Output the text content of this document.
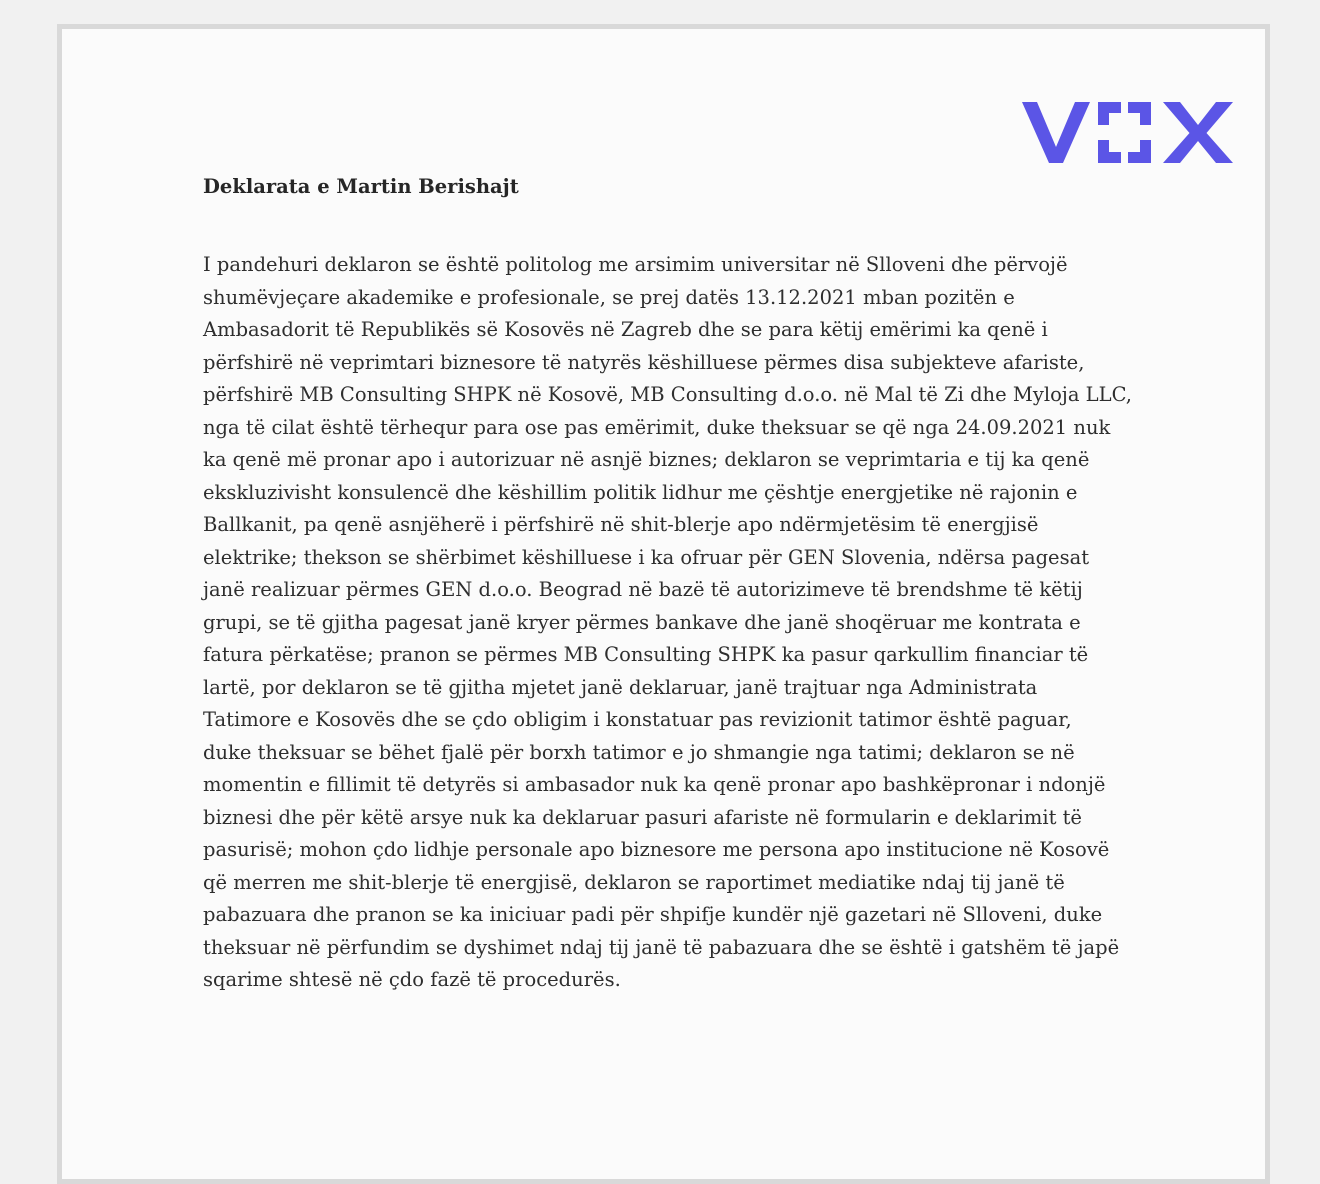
Deklarata e Martin Berishajt
I pandehuri deklaron se është politolog me arsimim universitar në Slloveni dhe përvojë
shumëvjeçare akademike e profesionale, se prej datës 13.12.2021 mban pozitën e
Ambasadorit të Republikës së Kosovës në Zagreb dhe se para këtij emërimi ka qenë i
përfshirë në veprimtari biznesore të natyrës këshilluese përmes disa subjekteve afariste,
përfshirë MB Consulting SHPK në Kosovë, MB Consulting d.o.o. në Mal të Zi dhe Myloja LLC,
nga të cilat është tërhequr para ose pas emërimit, duke theksuar se që nga 24.09.2021 nuk
ka qenë më pronar apo i autorizuar në asnjë biznes; deklaron se veprimtaria e tij ka qenë
ekskluzivisht konsulencë dhe këshillim politik lidhur me çështje energjetike në rajonin e
Ballkanit, pa qenë asnjëherë i përfshirë në shit-blerje apo ndërmjetësim të energjisë
elektrike; thekson se shërbimet këshilluese i ka ofruar për GEN Slovenia, ndërsa pagesat
janë realizuar përmes GEN d.o.o. Beograd në bazë të autorizimeve të brendshme të këtij
grupi, se të gjitha pagesat janë kryer përmes bankave dhe janë shoqëruar me kontrata e
fatura përkatëse; pranon se përmes MB Consulting SHPK ka pasur qarkullim financiar të
lartë, por deklaron se të gjitha mjetet janë deklaruar, janë trajtuar nga Administrata
Tatimore e Kosovës dhe se çdo obligim i konstatuar pas revizionit tatimor është paguar,
duke theksuar se bëhet fjalë për borxh tatimor e jo shmangie nga tatimi; deklaron se në
momentin e fillimit të detyrës si ambasador nuk ka qenë pronar apo bashkëpronar i ndonjë
biznesi dhe për këtë arsye nuk ka deklaruar pasuri afariste në formularin e deklarimit të
pasurisë; mohon çdo lidhje personale apo biznesore me persona apo institucione në Kosovë
që merren me shit-blerje të energjisë, deklaron se raportimet mediatike ndaj tij janë të
pabazuara dhe pranon se ka iniciuar padi për shpifje kundër një gazetari në Slloveni, duke
theksuar në përfundim se dyshimet ndaj tij janë të pabazuara dhe se është i gatshëm të japë
sqarime shtesë në çdo fazë të procedurës.
